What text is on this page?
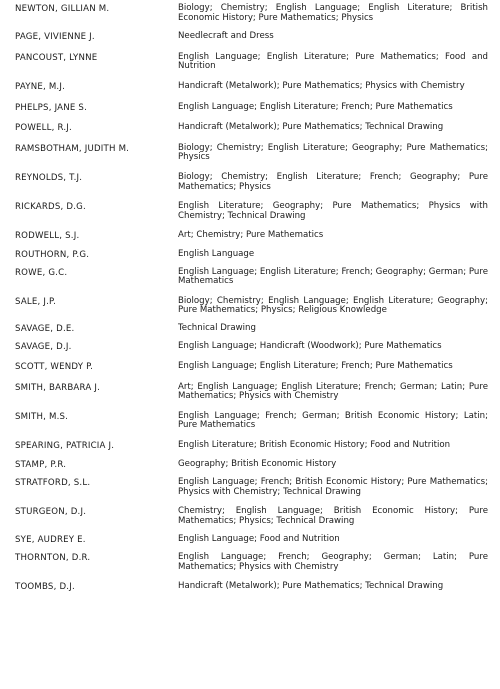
NEWTON, GILLIAN M.	Biology; Chemistry; English Language; English Literature; British Economic History; Pure Mathematics; Physics
PAGE, VIVIENNE J.	Needlecraft and Dress
PANCOUST, LYNNE	English Language; English Literature; Pure Mathematics; Food and Nutrition
PAYNE, M.J.	Handicraft (Metalwork); Pure Mathematics; Physics with Chemistry
PHELPS, JANE S.	English Language; English Literature; French; Pure Mathematics
POWELL, R.J.	Handicraft (Metalwork); Pure Mathematics; Technical Drawing
RAMSBOTHAM, JUDITH M.	Biology; Chemistry; English Literature; Geography; Pure Mathematics; Physics
REYNOLDS, T.J.	Biology; Chemistry; English Literature; French; Geography; Pure Mathematics; Physics
RICKARDS, D.G.	English Literature; Geography; Pure Mathematics; Physics with Chemistry; Technical Drawing
RODWELL, S.J.	Art; Chemistry; Pure Mathematics
ROUTHORN, P.G.	English Language
ROWE, G.C.	English Language; English Literature; French; Geography; German; Pure Mathematics
SALE, J.P.	Biology; Chemistry; English Language; English Literature; Geography; Pure Mathematics; Physics; Religious Knowledge
SAVAGE, D.E.	Technical Drawing
SAVAGE, D.J.	English Language; Handicraft (Woodwork); Pure Mathematics
SCOTT, WENDY P.	English Language; English Literature; French; Pure Mathematics
SMITH, BARBARA J.	Art; English Language; English Literature; French; German; Latin; Pure Mathematics; Physics with Chemistry
SMITH, M.S.	English Language; French; German; British Economic History; Latin; Pure Mathematics
SPEARING, PATRICIA J.	English Literature; British Economic History; Food and Nutrition
STAMP, P.R.	Geography; British Economic History
STRATFORD, S.L.	English Language; French; British Economic History; Pure Mathematics; Physics with Chemistry; Technical Drawing
STURGEON, D.J.	Chemistry; English Language; British Economic History; Pure Mathematics; Physics; Technical Drawing
SYE, AUDREY E.	English Language; Food and Nutrition
THORNTON, D.R.	English Language; French; Geography; German; Latin; Pure Mathematics; Physics with Chemistry
TOOMBS, D.J.	Handicraft (Metalwork); Pure Mathematics; Technical Drawing
